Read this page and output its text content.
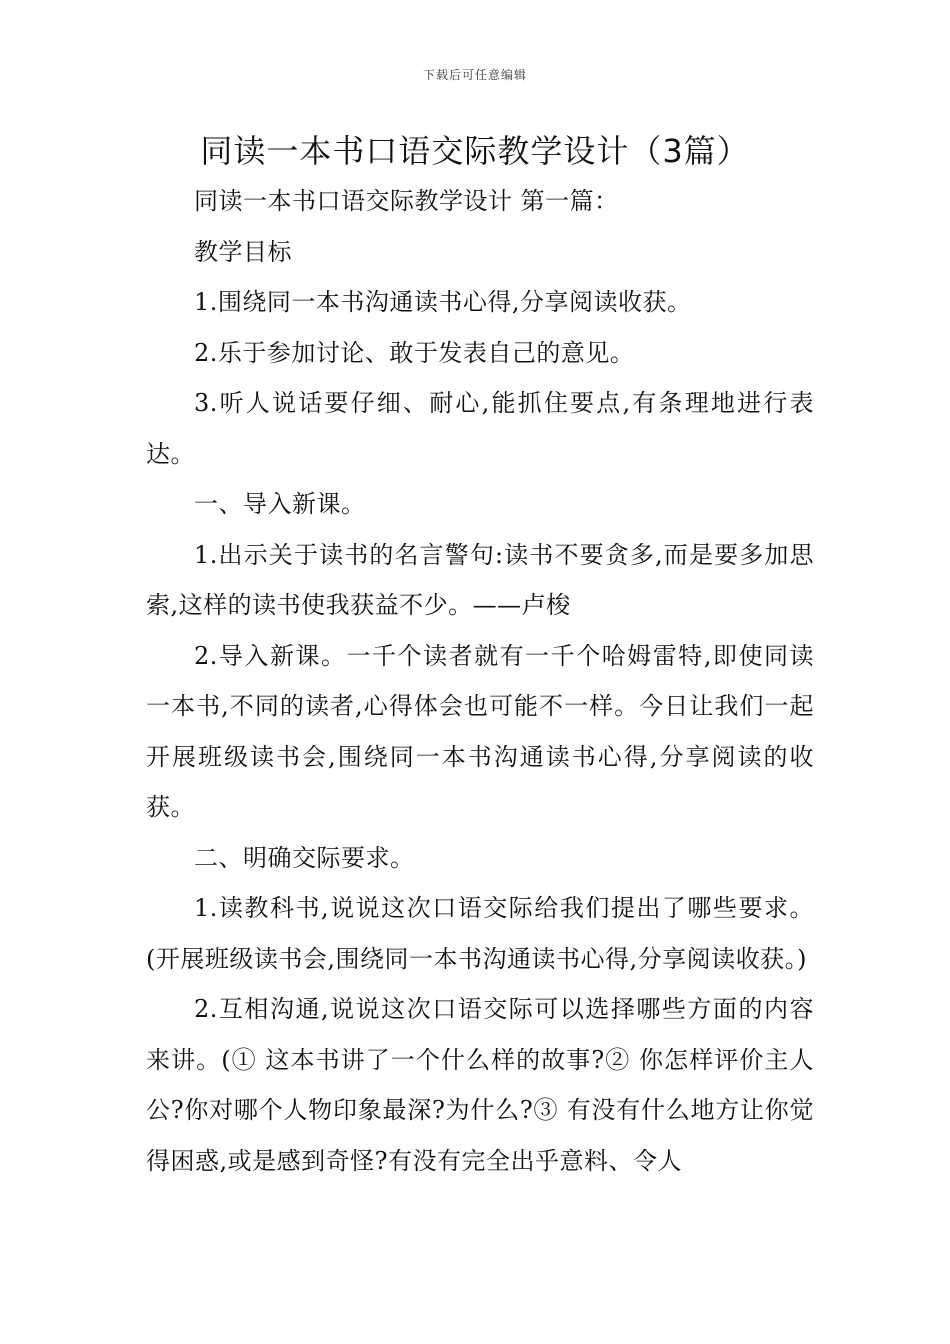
下载后可任意编辑
同读一本书口语交际教学设计（3篇）

同读一本书口语交际教学设计 第一篇：

教学目标

1.围绕同一本书沟通读书心得,分享阅读收获。

2.乐于参加讨论、敢于发表自己的意见。

3.听人说话要仔细、耐心,能抓住要点,有条理地进行表达。

一、导入新课。

1.出示关于读书的名言警句:读书不要贪多,而是要多加思索,这样的读书使我获益不少。——卢梭

2.导入新课。一千个读者就有一千个哈姆雷特,即使同读一本书,不同的读者,心得体会也可能不一样。今日让我们一起开展班级读书会,围绕同一本书沟通读书心得,分享阅读的收获。

二、明确交际要求。

1.读教科书,说说这次口语交际给我们提出了哪些要求。(开展班级读书会,围绕同一本书沟通读书心得,分享阅读收获。)

2.互相沟通,说说这次口语交际可以选择哪些方面的内容来讲。(① 这本书讲了一个什么样的故事?② 你怎样评价主人公?你对哪个人物印象最深?为什么?③ 有没有什么地方让你觉得困惑,或是感到奇怪?有没有完全出乎意料、令人
